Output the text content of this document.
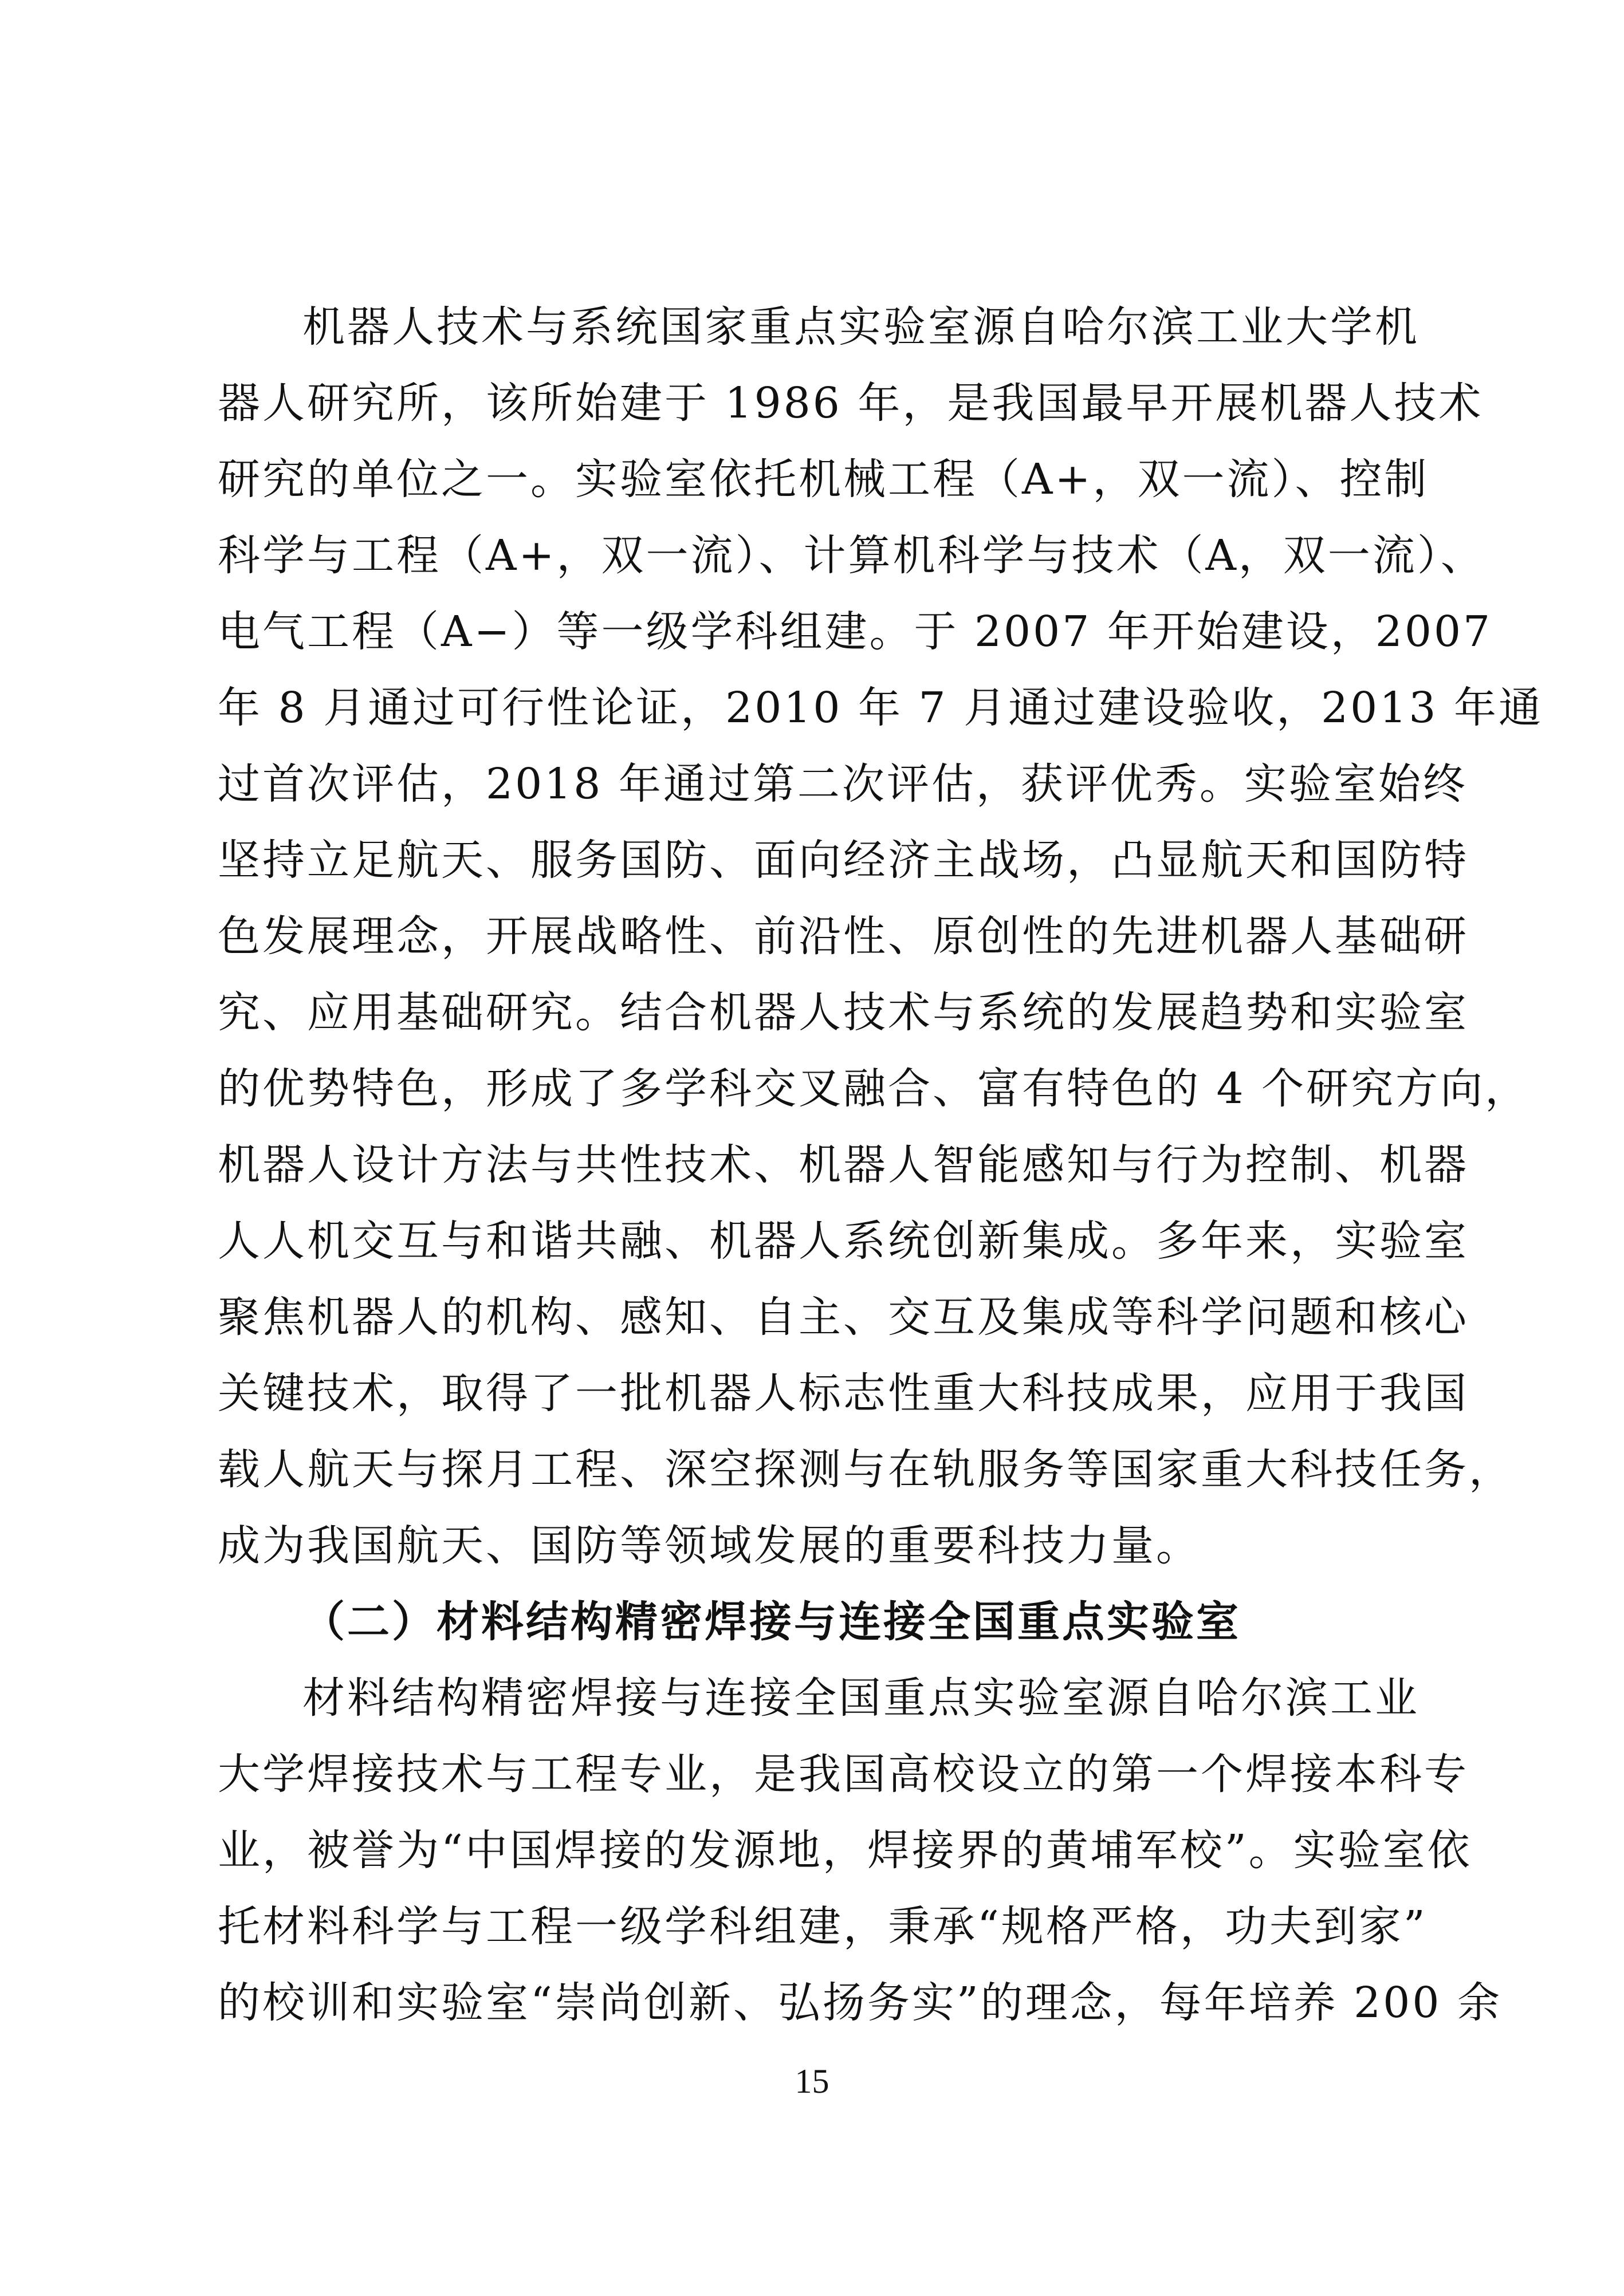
机器人技术与系统国家重点实验室源自哈尔滨工业大学机
器人研究所，该所始建于 1986 年，是我国最早开展机器人技术
研究的单位之一。实验室依托机械工程（A+，双一流）、控制
科学与工程（A+，双一流）、计算机科学与技术（A，双一流）、
电气工程（A−）等一级学科组建。于 2007 年开始建设，2007
年 8 月通过可行性论证，2010 年 7 月通过建设验收，2013 年通
过首次评估，2018 年通过第二次评估，获评优秀。实验室始终
坚持立足航天、服务国防、面向经济主战场，凸显航天和国防特
色发展理念，开展战略性、前沿性、原创性的先进机器人基础研
究、应用基础研究。结合机器人技术与系统的发展趋势和实验室
的优势特色，形成了多学科交叉融合、富有特色的 4 个研究方向，
机器人设计方法与共性技术、机器人智能感知与行为控制、机器
人人机交互与和谐共融、机器人系统创新集成。多年来，实验室
聚焦机器人的机构、感知、自主、交互及集成等科学问题和核心
关键技术，取得了一批机器人标志性重大科技成果，应用于我国
载人航天与探月工程、深空探测与在轨服务等国家重大科技任务，
成为我国航天、国防等领域发展的重要科技力量。
（二）材料结构精密焊接与连接全国重点实验室
材料结构精密焊接与连接全国重点实验室源自哈尔滨工业
大学焊接技术与工程专业，是我国高校设立的第一个焊接本科专
业，被誉为“中国焊接的发源地，焊接界的黄埔军校”。实验室依
托材料科学与工程一级学科组建，秉承“规格严格，功夫到家”
的校训和实验室“崇尚创新、弘扬务实”的理念，每年培养 200 余
15
